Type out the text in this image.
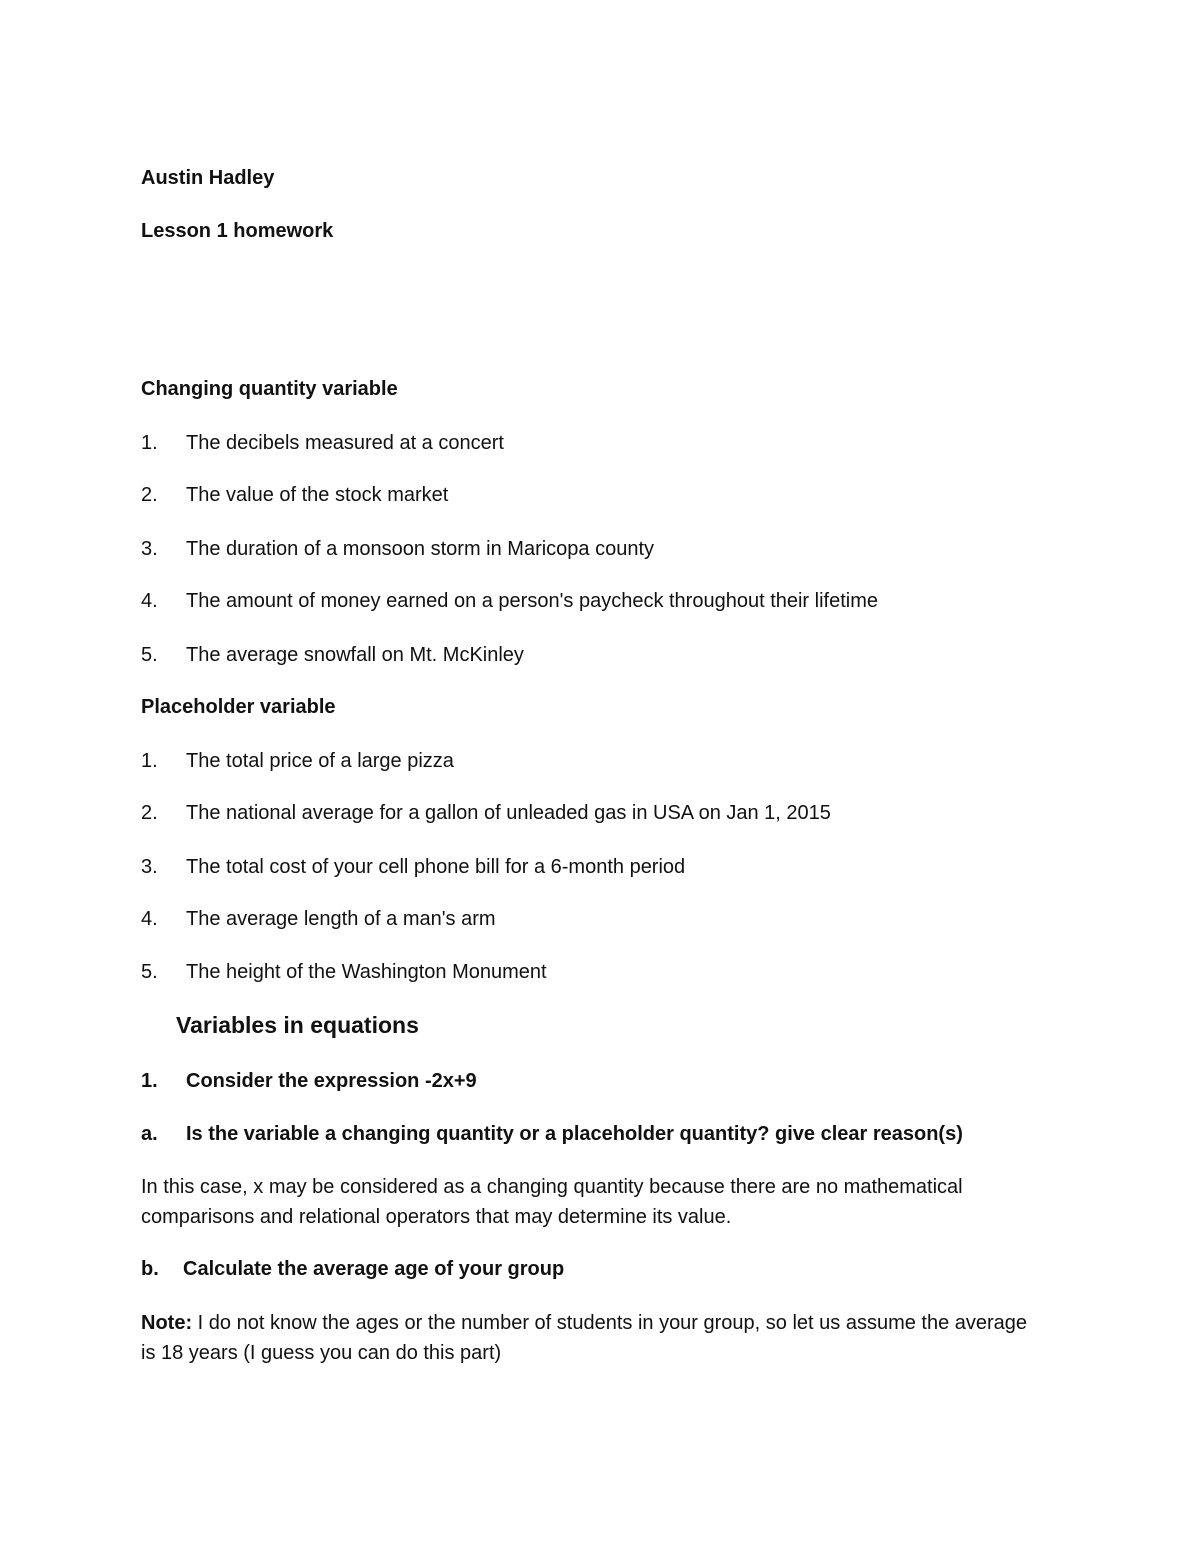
Austin Hadley
Lesson 1 homework
Changing quantity variable
1. The decibels measured at a concert
2. The value of the stock market
3. The duration of a monsoon storm in Maricopa county
4. The amount of money earned on a person's paycheck throughout their lifetime
5. The average snowfall on Mt. McKinley
Placeholder variable
1. The total price of a large pizza
2. The national average for a gallon of unleaded gas in USA on Jan 1, 2015
3. The total cost of your cell phone bill for a 6-month period
4. The average length of a man's arm
5. The height of the Washington Monument
Variables in equations
1. Consider the expression -2x+9
a. Is the variable a changing quantity or a placeholder quantity? give clear reason(s)
In this case, x may be considered as a changing quantity because there are no mathematical comparisons and relational operators that may determine its value.
b. Calculate the average age of your group
Note: I do not know the ages or the number of students in your group, so let us assume the average is 18 years (I guess you can do this part)
